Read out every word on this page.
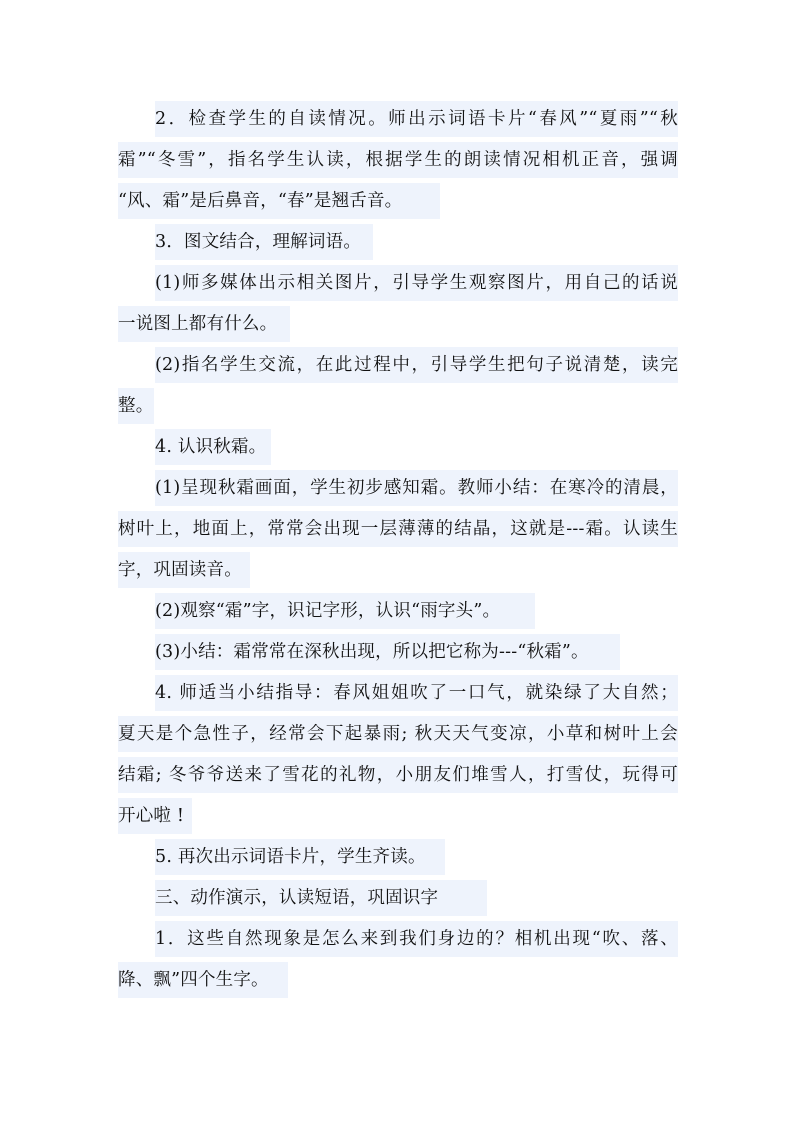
2．检查学生的自读情况。师出示词语卡片“春风”“夏雨”“秋
霜”“冬雪”，指名学生认读，根据学生的朗读情况相机正音，强调
“风、霜”是后鼻音，“春”是翘舌音。
3．图文结合，理解词语。
(1)师多媒体出示相关图片，引导学生观察图片，用自己的话说
一说图上都有什么。
(2)指名学生交流，在此过程中，引导学生把句子说清楚，读完
整。
4. 认识秋霜。
(1)呈现秋霜画面，学生初步感知霜。教师小结：在寒冷的清晨，
树叶上，地面上，常常会出现一层薄薄的结晶，这就是---霜。认读生
字，巩固读音。
(2)观察“霜”字，识记字形，认识“雨字头”。
(3)小结：霜常常在深秋出现，所以把它称为---“秋霜”。
4. 师适当小结指导：春风姐姐吹了一口气，就染绿了大自然；
夏天是个急性子，经常会下起暴雨; 秋天天气变凉，小草和树叶上会
结霜; 冬爷爷送来了雪花的礼物，小朋友们堆雪人，打雪仗，玩得可
开心啦 !
5. 再次出示词语卡片，学生齐读。
三、动作演示，认读短语，巩固识字
1．这些自然现象是怎么来到我们身边的？相机出现“吹、落、
降、飘”四个生字。
